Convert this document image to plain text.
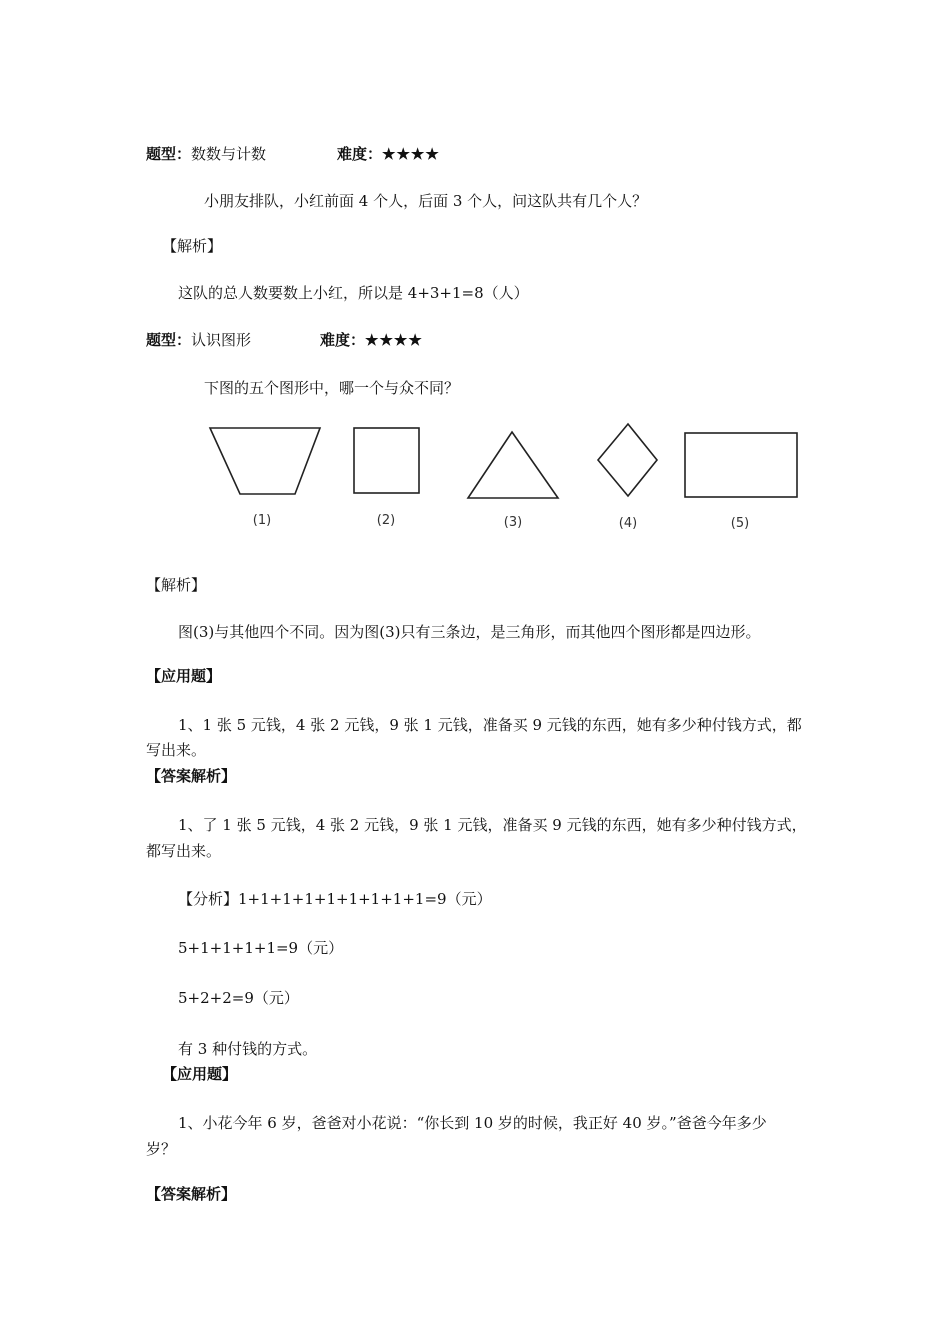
题型：数数与计数	难度：★★★★
小朋友排队，小红前面 4 个人，后面 3 个人，问这队共有几个人？
【解析】
这队的总人数要数上小红，所以是 4+3+1=8（人）
题型：认识图形	难度：★★★★
下图的五个图形中，哪一个与众不同？
(1)	(2)	(3)	(4)	(5)
【解析】
图(3)与其他四个不同。因为图(3)只有三条边，是三角形，而其他四个图形都是四边形。
【应用题】
1、1 张 5 元钱，4 张 2 元钱，9 张 1 元钱，准备买 9 元钱的东西，她有多少种付钱方式，都
写出来。
【答案解析】
1、了 1 张 5 元钱，4 张 2 元钱，9 张 1 元钱，准备买 9 元钱的东西，她有多少种付钱方式，
都写出来。
【分析】1+1+1+1+1+1+1+1+1=9（元）
5+1+1+1+1=9（元）
5+2+2=9（元）
有 3 种付钱的方式。
【应用题】
1、小花今年 6 岁，爸爸对小花说：“你长到 10 岁的时候，我正好 40 岁。”爸爸今年多少
岁？
【答案解析】
